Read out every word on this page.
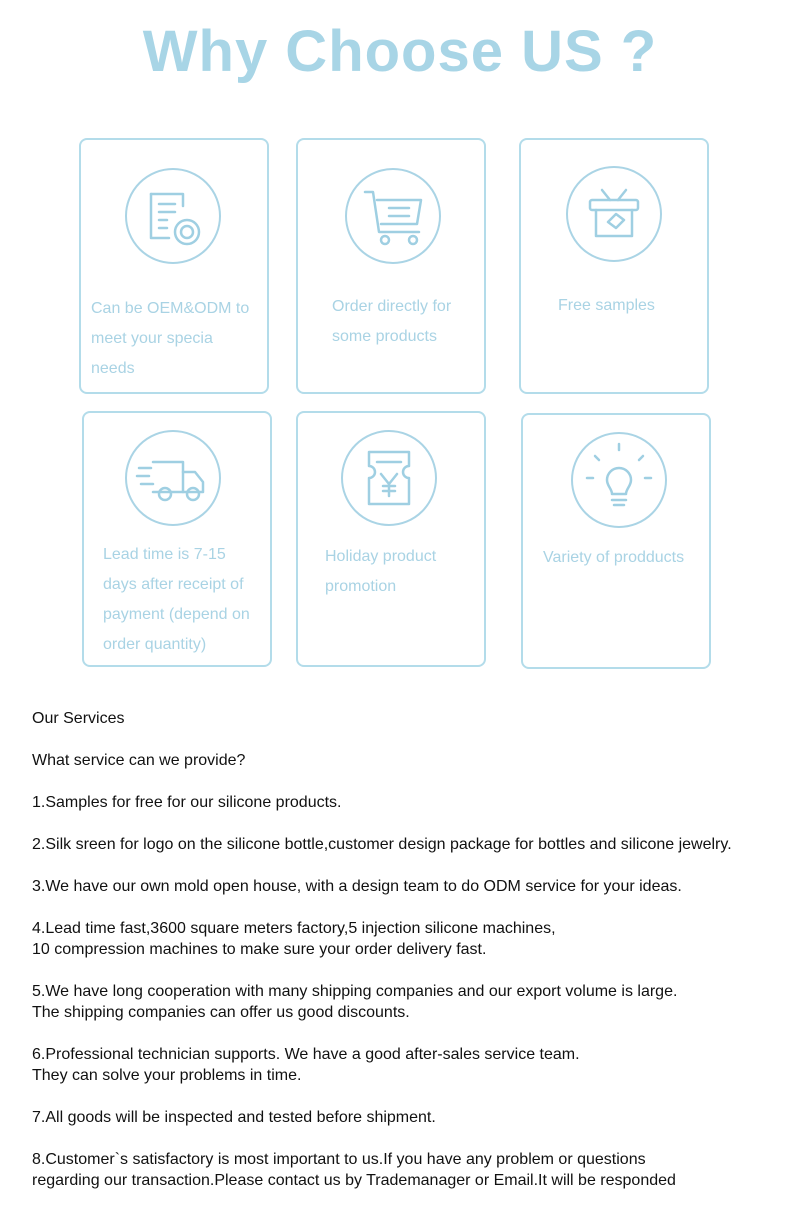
Why Choose US ?
Can be OEM&ODM to
meet your specia
needs
Order directly for
some products
Free samples
Lead time is 7-15
days after receipt of
payment (depend on
order quantity)
Holiday product
promotion
Variety of prodducts

Our Services

What service can we provide?

1.Samples for free for our silicone products.

2.Silk sreen for logo on the silicone bottle,customer design package for bottles and silicone jewelry.

3.We have our own mold open house, with a design team to do ODM service for your ideas.

4.Lead time fast,3600 square meters factory,5 injection silicone machines,
10 compression machines to make sure your order delivery fast.

5.We have long cooperation with many shipping companies and our export volume is large.
The shipping companies can offer us good discounts.

6.Professional technician supports. We have a good after-sales service team.
They can solve your problems in time.

7.All goods will be inspected and tested before shipment.

8.Customer`s satisfactory is most important to us.If you have any problem or questions
regarding our transaction.Please contact us by Trademanager or Email.It will be responded
